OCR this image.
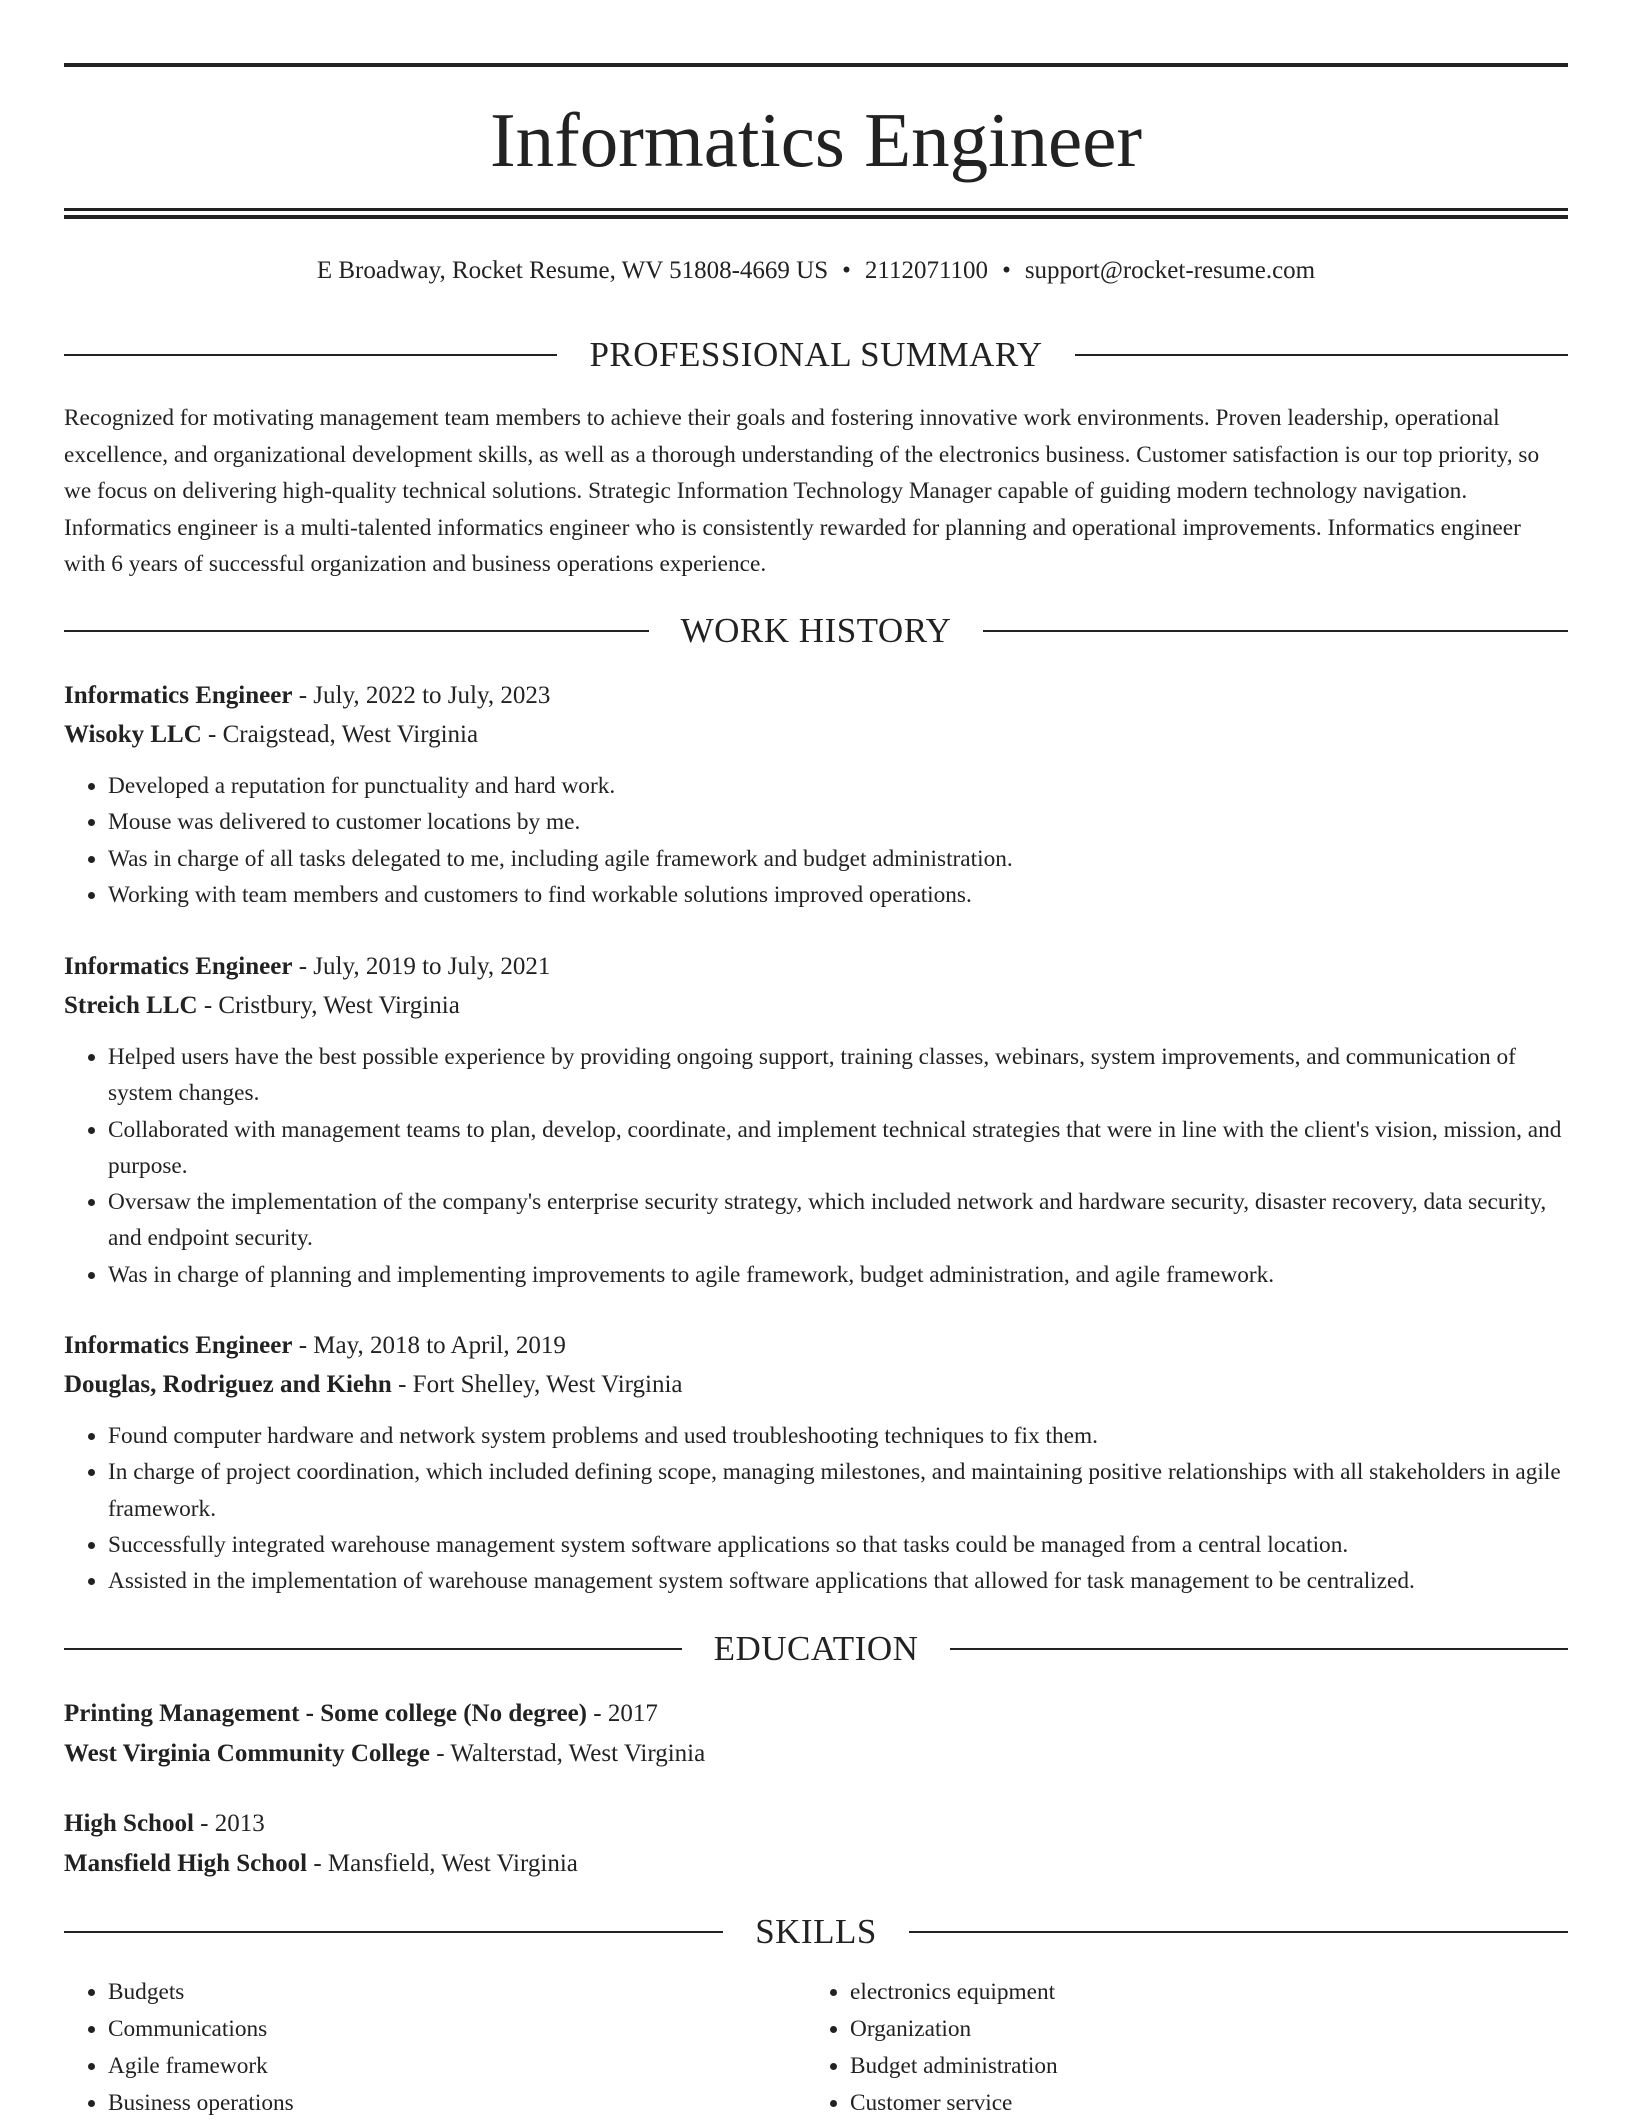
Informatics Engineer
E Broadway, Rocket Resume, WV 51808-4669 US • 2112071100 • support@rocket-resume.com
PROFESSIONAL SUMMARY

Recognized for motivating management team members to achieve their goals and fostering innovative work environments. Proven leadership, operational excellence, and organizational development skills, as well as a thorough understanding of the electronics business. Customer satisfaction is our top priority, so we focus on delivering high-quality technical solutions. Strategic Information Technology Manager capable of guiding modern technology navigation. Informatics engineer is a multi-talented informatics engineer who is consistently rewarded for planning and operational improvements. Informatics engineer with 6 years of successful organization and business operations experience.

WORK HISTORY
Informatics Engineer - July, 2022 to July, 2023
Wisoky LLC - Craigstead, West Virginia
• Developed a reputation for punctuality and hard work.
• Mouse was delivered to customer locations by me.
• Was in charge of all tasks delegated to me, including agile framework and budget administration.
• Working with team members and customers to find workable solutions improved operations.
Informatics Engineer - July, 2019 to July, 2021
Streich LLC - Cristbury, West Virginia
• Helped users have the best possible experience by providing ongoing support, training classes, webinars, system improvements, and communication of system changes.
• Collaborated with management teams to plan, develop, coordinate, and implement technical strategies that were in line with the client's vision, mission, and purpose.
• Oversaw the implementation of the company's enterprise security strategy, which included network and hardware security, disaster recovery, data security, and endpoint security.
• Was in charge of planning and implementing improvements to agile framework, budget administration, and agile framework.
Informatics Engineer - May, 2018 to April, 2019
Douglas, Rodriguez and Kiehn - Fort Shelley, West Virginia
• Found computer hardware and network system problems and used troubleshooting techniques to fix them.
• In charge of project coordination, which included defining scope, managing milestones, and maintaining positive relationships with all stakeholders in agile framework.
• Successfully integrated warehouse management system software applications so that tasks could be managed from a central location.
• Assisted in the implementation of warehouse management system software applications that allowed for task management to be centralized.
EDUCATION
Printing Management - Some college (No degree) - 2017
West Virginia Community College - Walterstad, West Virginia
High School - 2013
Mansfield High School - Mansfield, West Virginia
SKILLS
• Budgets
• Communications
• Agile framework
• Business operations
• electronics equipment
• Organization
• Budget administration
• Customer service
